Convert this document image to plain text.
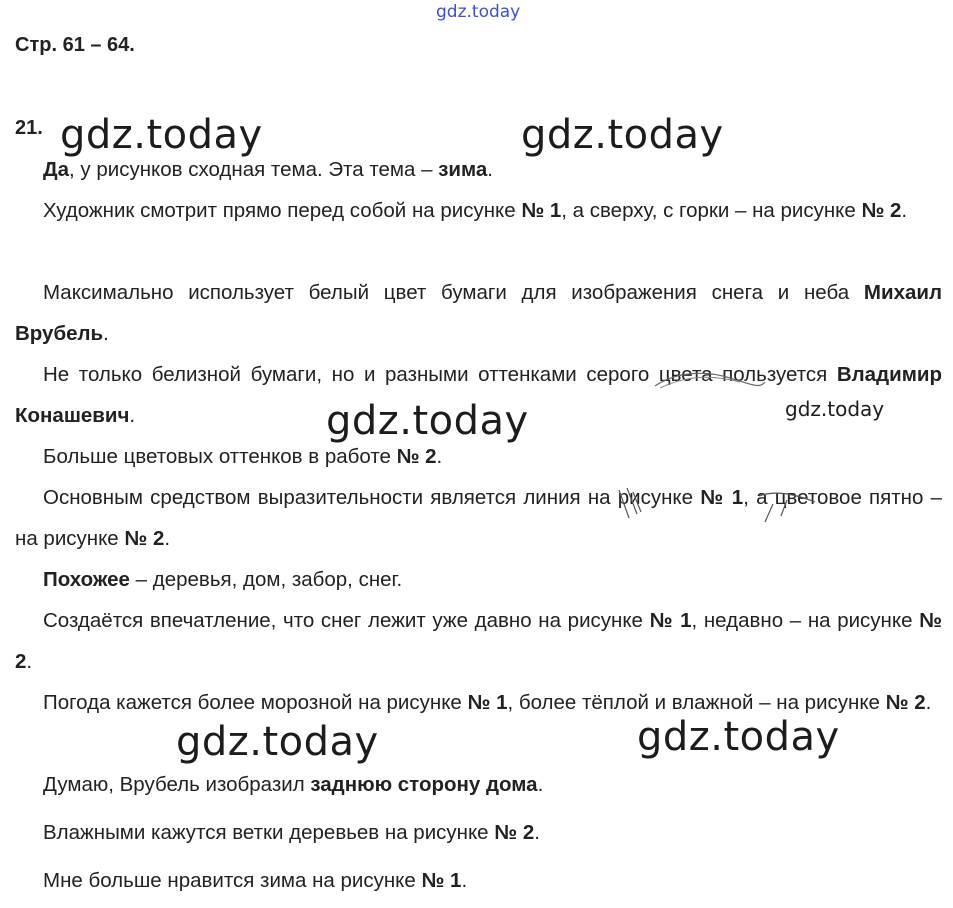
gdz.today
gdz.today	gdz.today
gdz.today	gdz.today
gdz.today	gdz.today
Стр. 61 – 64.
21.
Да, у рисунков сходная тема. Эта тема – зима.
Художник смотрит прямо перед собой на рисунке № 1, а сверху, с горки – на рисунке № 2.
Максимально использует белый цвет бумаги для изображения снега и неба Михаил Врубель.
Не только белизной бумаги, но и разными оттенками серого цвета пользуется Владимир Конашевич.
Больше цветовых оттенков в работе № 2.
Основным средством выразительности является линия на рисунке № 1, а цветовое пятно – на рисунке № 2.
Похожее – деревья, дом, забор, снег.
Создаётся впечатление, что снег лежит уже давно на рисунке № 1, недавно – на рисунке № 2.
Погода кажется более морозной на рисунке № 1, более тёплой и влажной – на рисунке № 2.
Думаю, Врубель изобразил заднюю сторону дома.
Влажными кажутся ветки деревьев на рисунке № 2.
Мне больше нравится зима на рисунке № 1.
